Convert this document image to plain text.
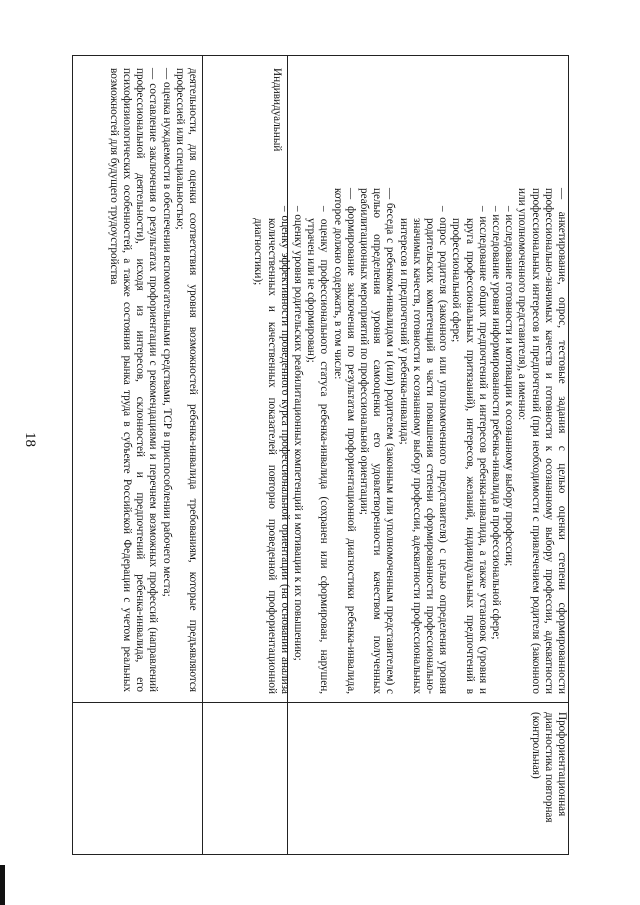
18	деятельности, для оценки соответствия уровня возможностей ребенка-инвалида требованиям, которые предъявляются профессией или специальностью;

— оценка нуждаемости в обеспечении вспомогательными средствами, ТСР в приспособлении рабочего места;

— составление заключения о результатах профориентации с рекомендациями и перечнем возможных профессий (направлений профессиональной деятельности), исходя из интересов, склонностей и предпочтений ребенка-инвалида, его психофизиологических особенностей, а также состояния рынка труда в субъекте Российской Федерации с учетом реальных возможностей для будущего трудоустройства	Индивидуальный

— анкетирование, опрос, тестовые задания с целью оценки степени сформированности профессионально-значимых качеств и готовности к осознанному выбору профессии, адекватности профессиональных интересов и предпочтений (при необходимости с привлечением родителя (законного или уполномоченного представителя), а именно:

– исследование готовности и мотивации к осознанному выбору профессии;

– исследование уровня информированности ребенка-инвалида в профессиональной сфере;

– исследование общих предпочтений и интересов ребенка-инвалида, а также установок (уровня и круга профессиональных притязаний), интересов, желаний, индивидуальных предпочтений в профессиональной сфере;

– опрос родителя (законного или уполномоченного представителя) с целью определения уровня родительских компетенций в части повышения степени сформированности профессионально-значимых качеств, готовности к осознанному выбору профессии, адекватности профессиональных интересов и предпочтений у ребенка-инвалида;

— беседа с ребенком-инвалидом и (или) родителем (законным или уполномоченным представителем) с целью определения уровня самооценки его удовлетворенности качеством полученных реабилитационных мероприятий по профессиональной ориентации;

— формирование заключения по результатам профориентационной диагностики ребенка-инвалида, которое должно содержать, в том числе:

– оценку профессионального статуса ребенка-инвалида (сохранен или сформирован, нарушен, утрачен или не сформирован);

– оценку уровня родительских реабилитационных компетенций и мотивации к их повышению;

– оценку эффективности проведенного курса профессиональной ориентации (на основании анализа количественных и качественных показателей повторно проведенной профориентационной диагностики);

Профориентационная диагностика повторная (контрольная)
